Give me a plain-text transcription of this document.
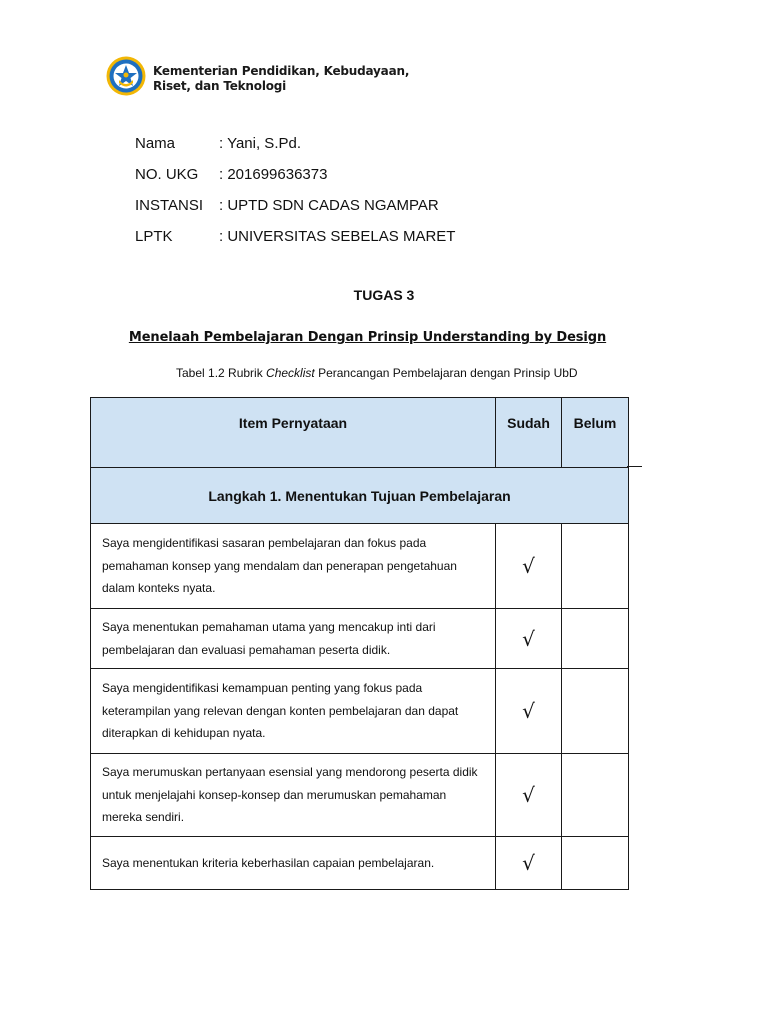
Kementerian Pendidikan, Kebudayaan,
Riset, dan Teknologi
Nama	: Yani, S.Pd.
NO. UKG : 201699636373
INSTANSI : UPTD SDN CADAS NGAMPAR
LPTK	: UNIVERSITAS SEBELAS MARET
TUGAS 3
Menelaah Pembelajaran Dengan Prinsip Understanding by Design
Tabel 1.2 Rubrik Checklist Perancangan Pembelajaran dengan Prinsip UbD
Item Pernyataan	Sudah	Belum
Langkah 1. Menentukan Tujuan Pembelajaran		
Saya mengidentifikasi sasaran pembelajaran dan fokus pada pemahaman konsep yang mendalam dan penerapan pengetahuan dalam konteks nyata.	√	
Saya menentukan pemahaman utama yang mencakup inti dari pembelajaran dan evaluasi pemahaman peserta didik.	√	
Saya mengidentifikasi kemampuan penting yang fokus pada keterampilan yang relevan dengan konten pembelajaran dan dapat diterapkan di kehidupan nyata.	√	
Saya merumuskan pertanyaan esensial yang mendorong peserta didik untuk menjelajahi konsep-konsep dan merumuskan pemahaman mereka sendiri.	√	
Saya menentukan kriteria keberhasilan capaian pembelajaran.	√	
